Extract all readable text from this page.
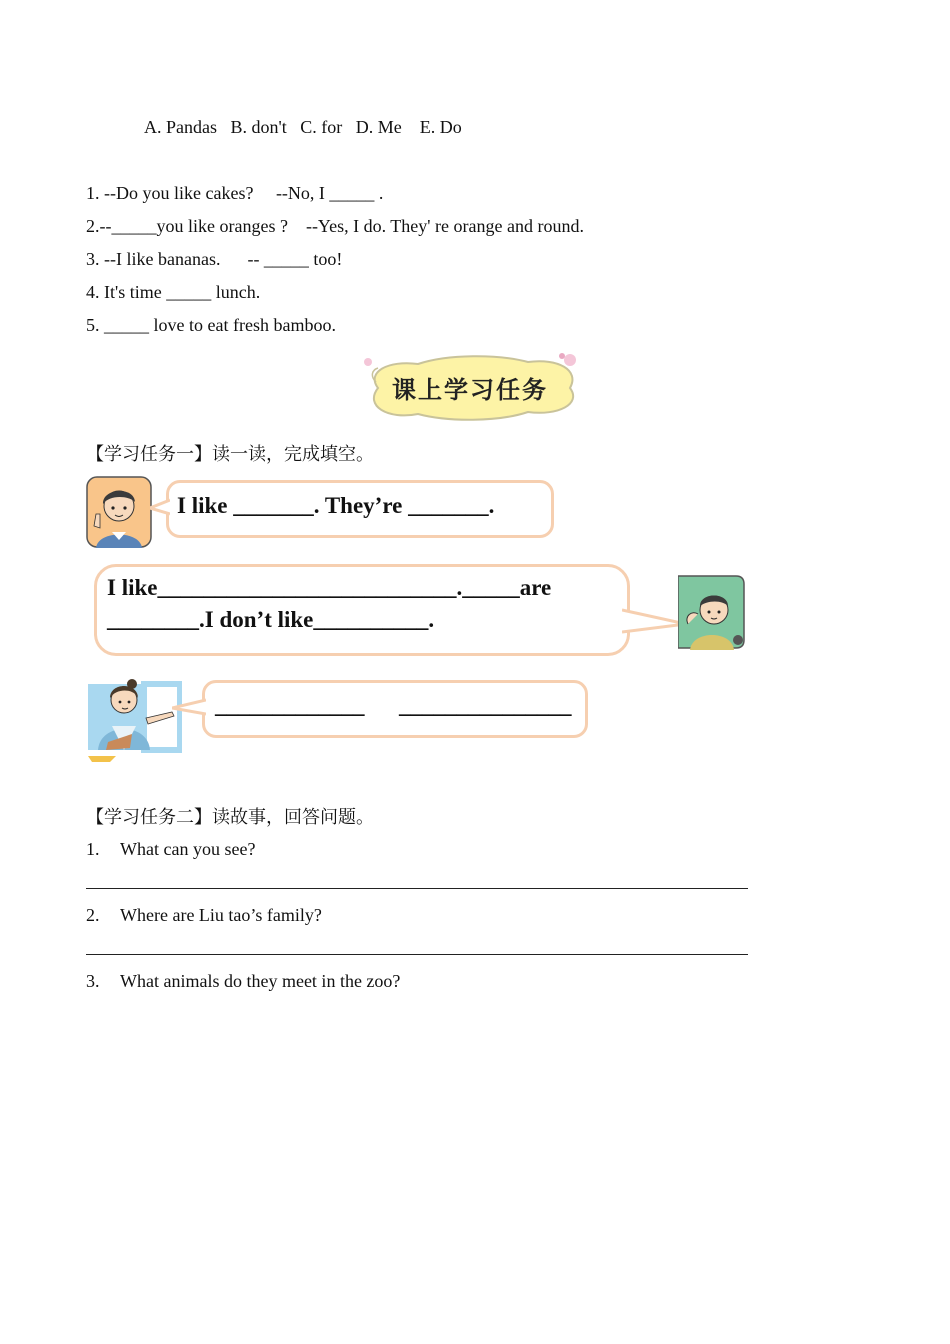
A. Pandas   B. don't   C. for   D. Me    E. Do
1. --Do you like cakes?     --No, I _____ .
2.--_____you like oranges ?    --Yes, I do. They' re orange and round.
3. --I like bananas.      -- _____ too!
4. It's time _____ lunch.
5. _____ love to eat fresh bamboo.
课上学习任务
【学习任务一】读一读，完成填空。
I like _______. They’re _______.
I like__________________________._____are
________.I don’t like__________.
_____________      _______________
【学习任务二】读故事，回答问题。
1. What can you see?
2. Where are Liu tao’s family?
3. What animals do they meet in the zoo?
